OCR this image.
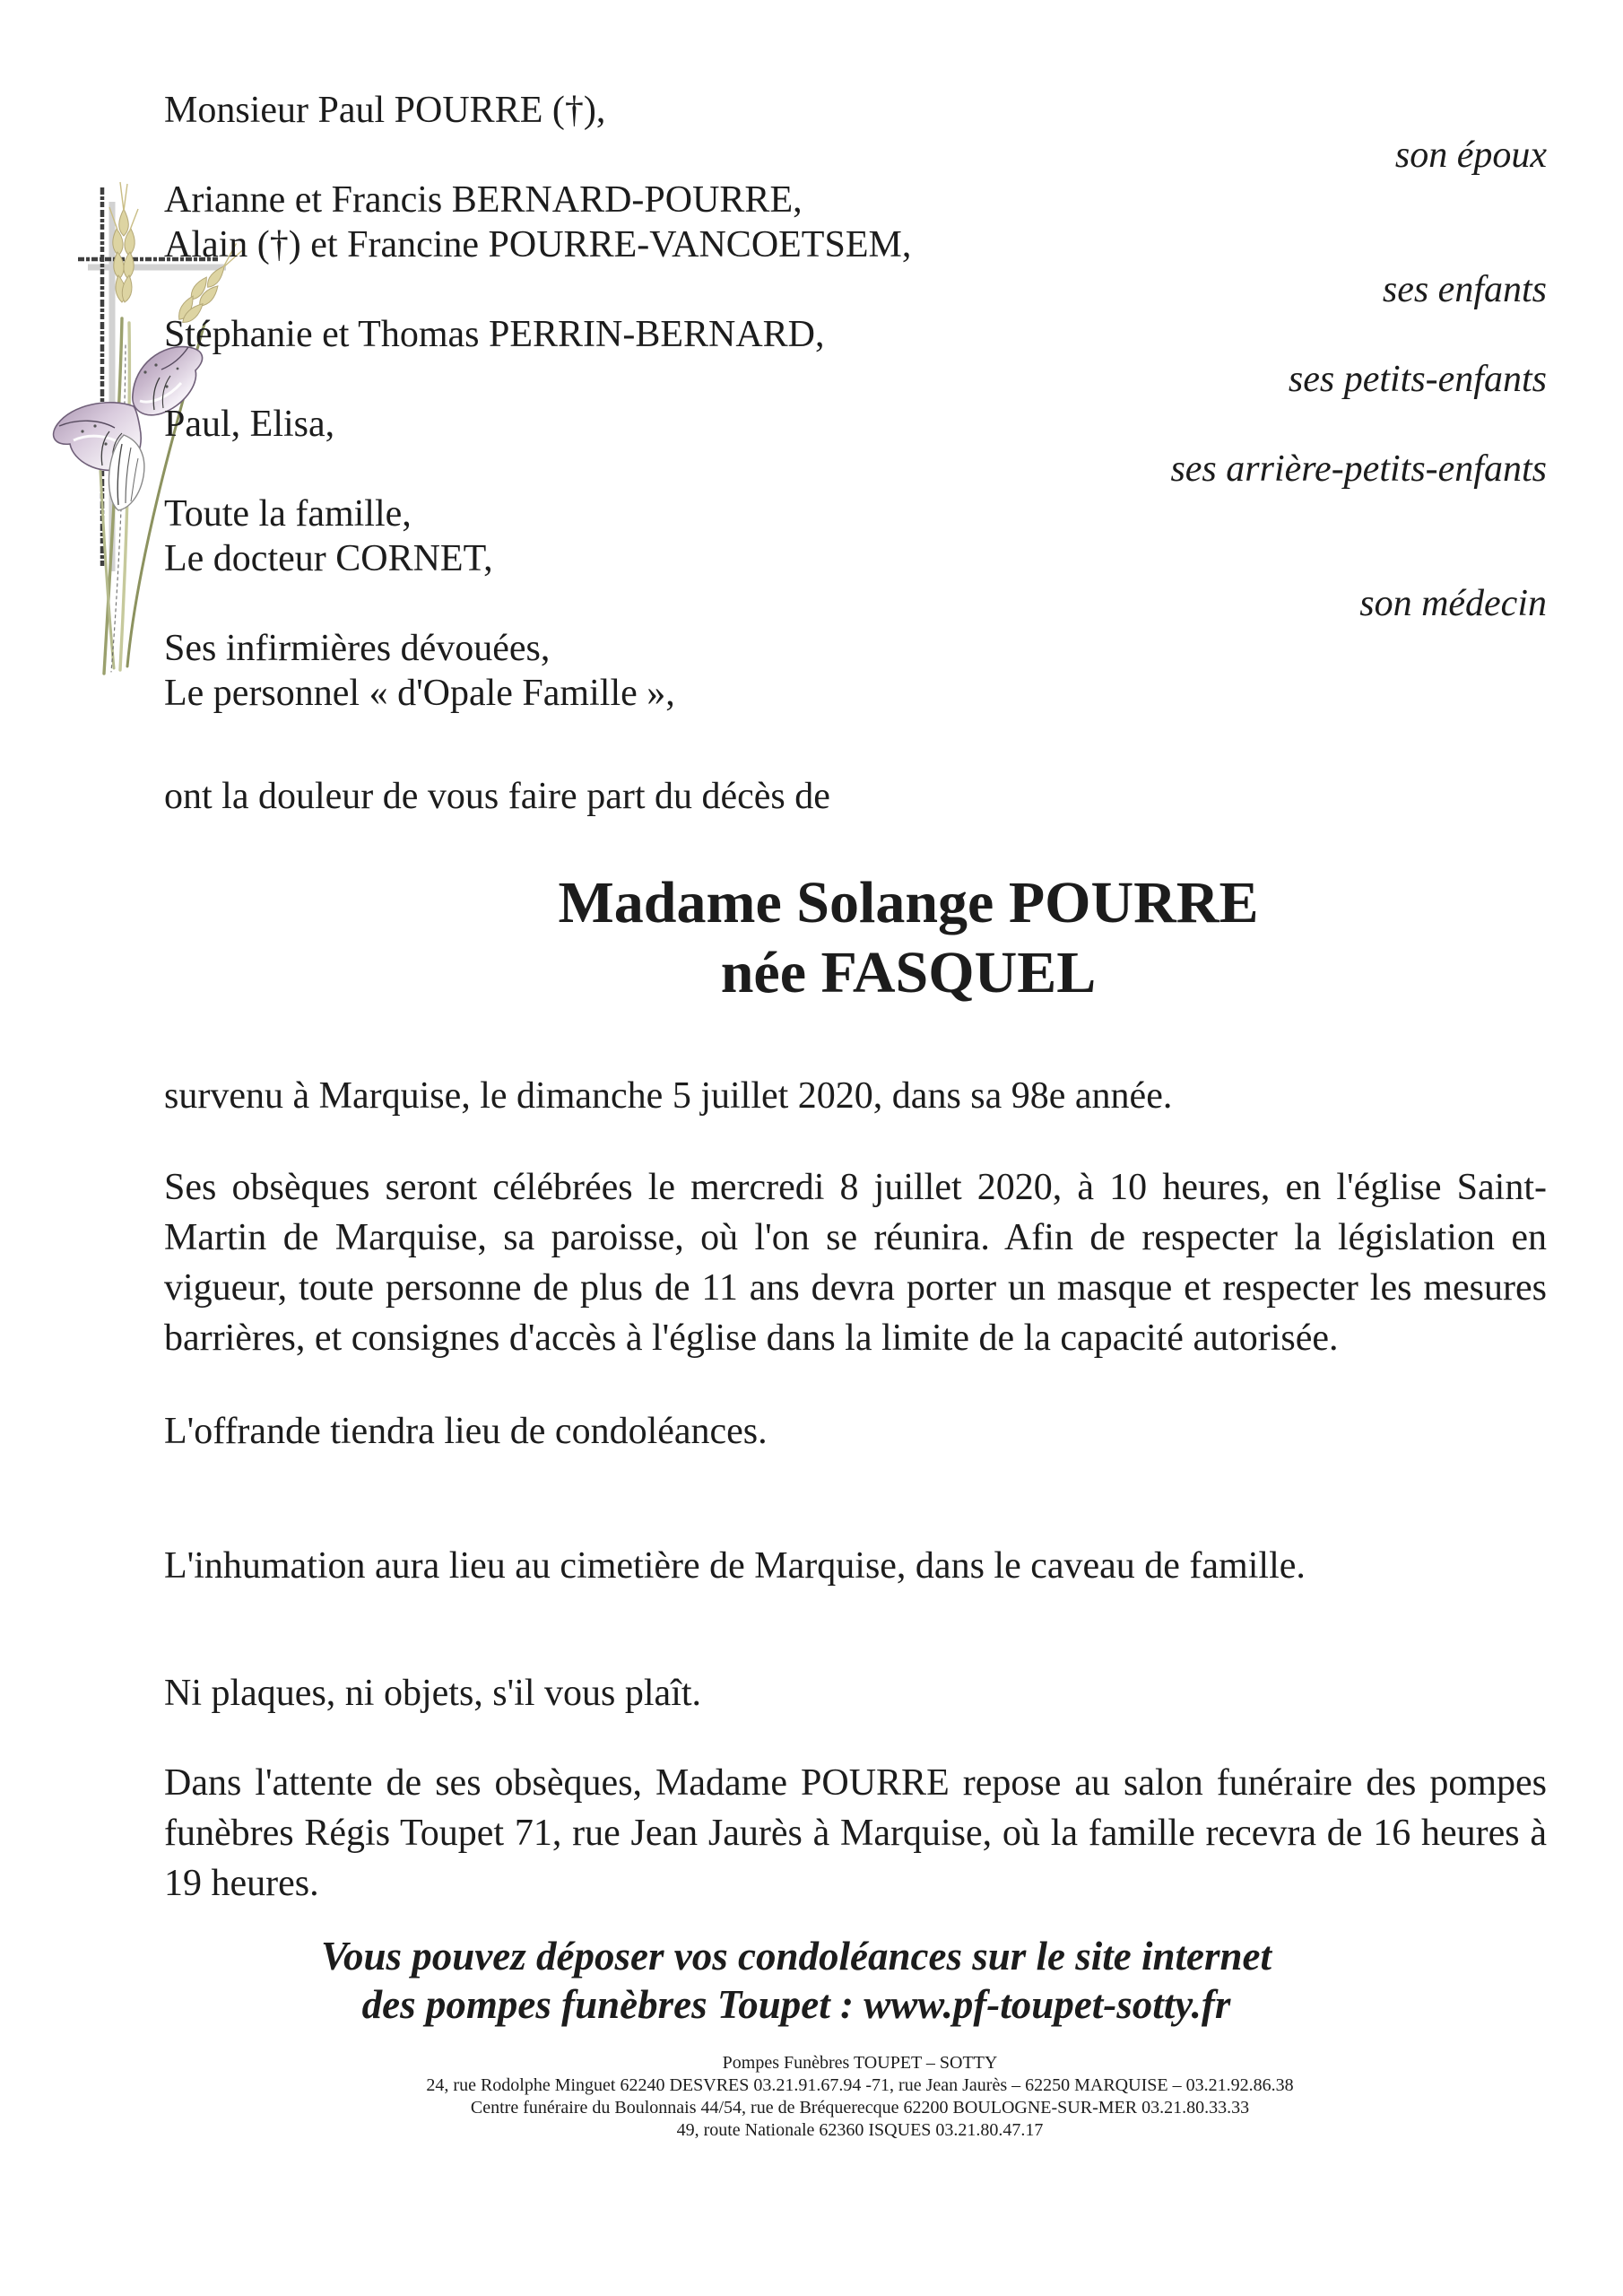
Monsieur Paul POURRE (†),
son époux
Arianne et Francis BERNARD-POURRE,
Alain (†) et Francine POURRE-VANCOETSEM,
ses enfants
Stéphanie et Thomas PERRIN-BERNARD,
ses petits-enfants
Paul, Elisa,
ses arrière-petits-enfants
Toute la famille,
Le docteur CORNET,
son médecin
Ses infirmières dévouées,
Le personnel « d'Opale Famille »,
ont la douleur de vous faire part du décès de
Madame Solange POURRE
née FASQUEL
survenu à Marquise, le dimanche 5 juillet 2020, dans sa 98e année.
Ses obsèques seront célébrées le mercredi 8 juillet 2020, à 10 heures, en l'église Saint-Martin de Marquise, sa paroisse, où l'on se réunira. Afin de respecter la législation en vigueur, toute personne de plus de 11 ans devra porter un masque et respecter les mesures barrières, et consignes d'accès à l'église dans la limite de la capacité autorisée.
L'offrande tiendra lieu de condoléances.
L'inhumation aura lieu au cimetière de Marquise, dans le caveau de famille.
Ni plaques, ni objets, s'il vous plaît.
Dans l'attente de ses obsèques, Madame POURRE repose au salon funéraire des pompes funèbres Régis Toupet 71, rue Jean Jaurès à Marquise, où la famille recevra de 16 heures à 19 heures.
Vous pouvez déposer vos condoléances sur le site internet
des pompes funèbres Toupet : www.pf-toupet-sotty.fr
Pompes Funèbres TOUPET – SOTTY
24, rue Rodolphe Minguet 62240 DESVRES 03.21.91.67.94 -71, rue Jean Jaurès – 62250 MARQUISE – 03.21.92.86.38
Centre funéraire du Boulonnais 44/54, rue de Bréquerecque 62200 BOULOGNE-SUR-MER 03.21.80.33.33
49, route Nationale 62360 ISQUES 03.21.80.47.17
